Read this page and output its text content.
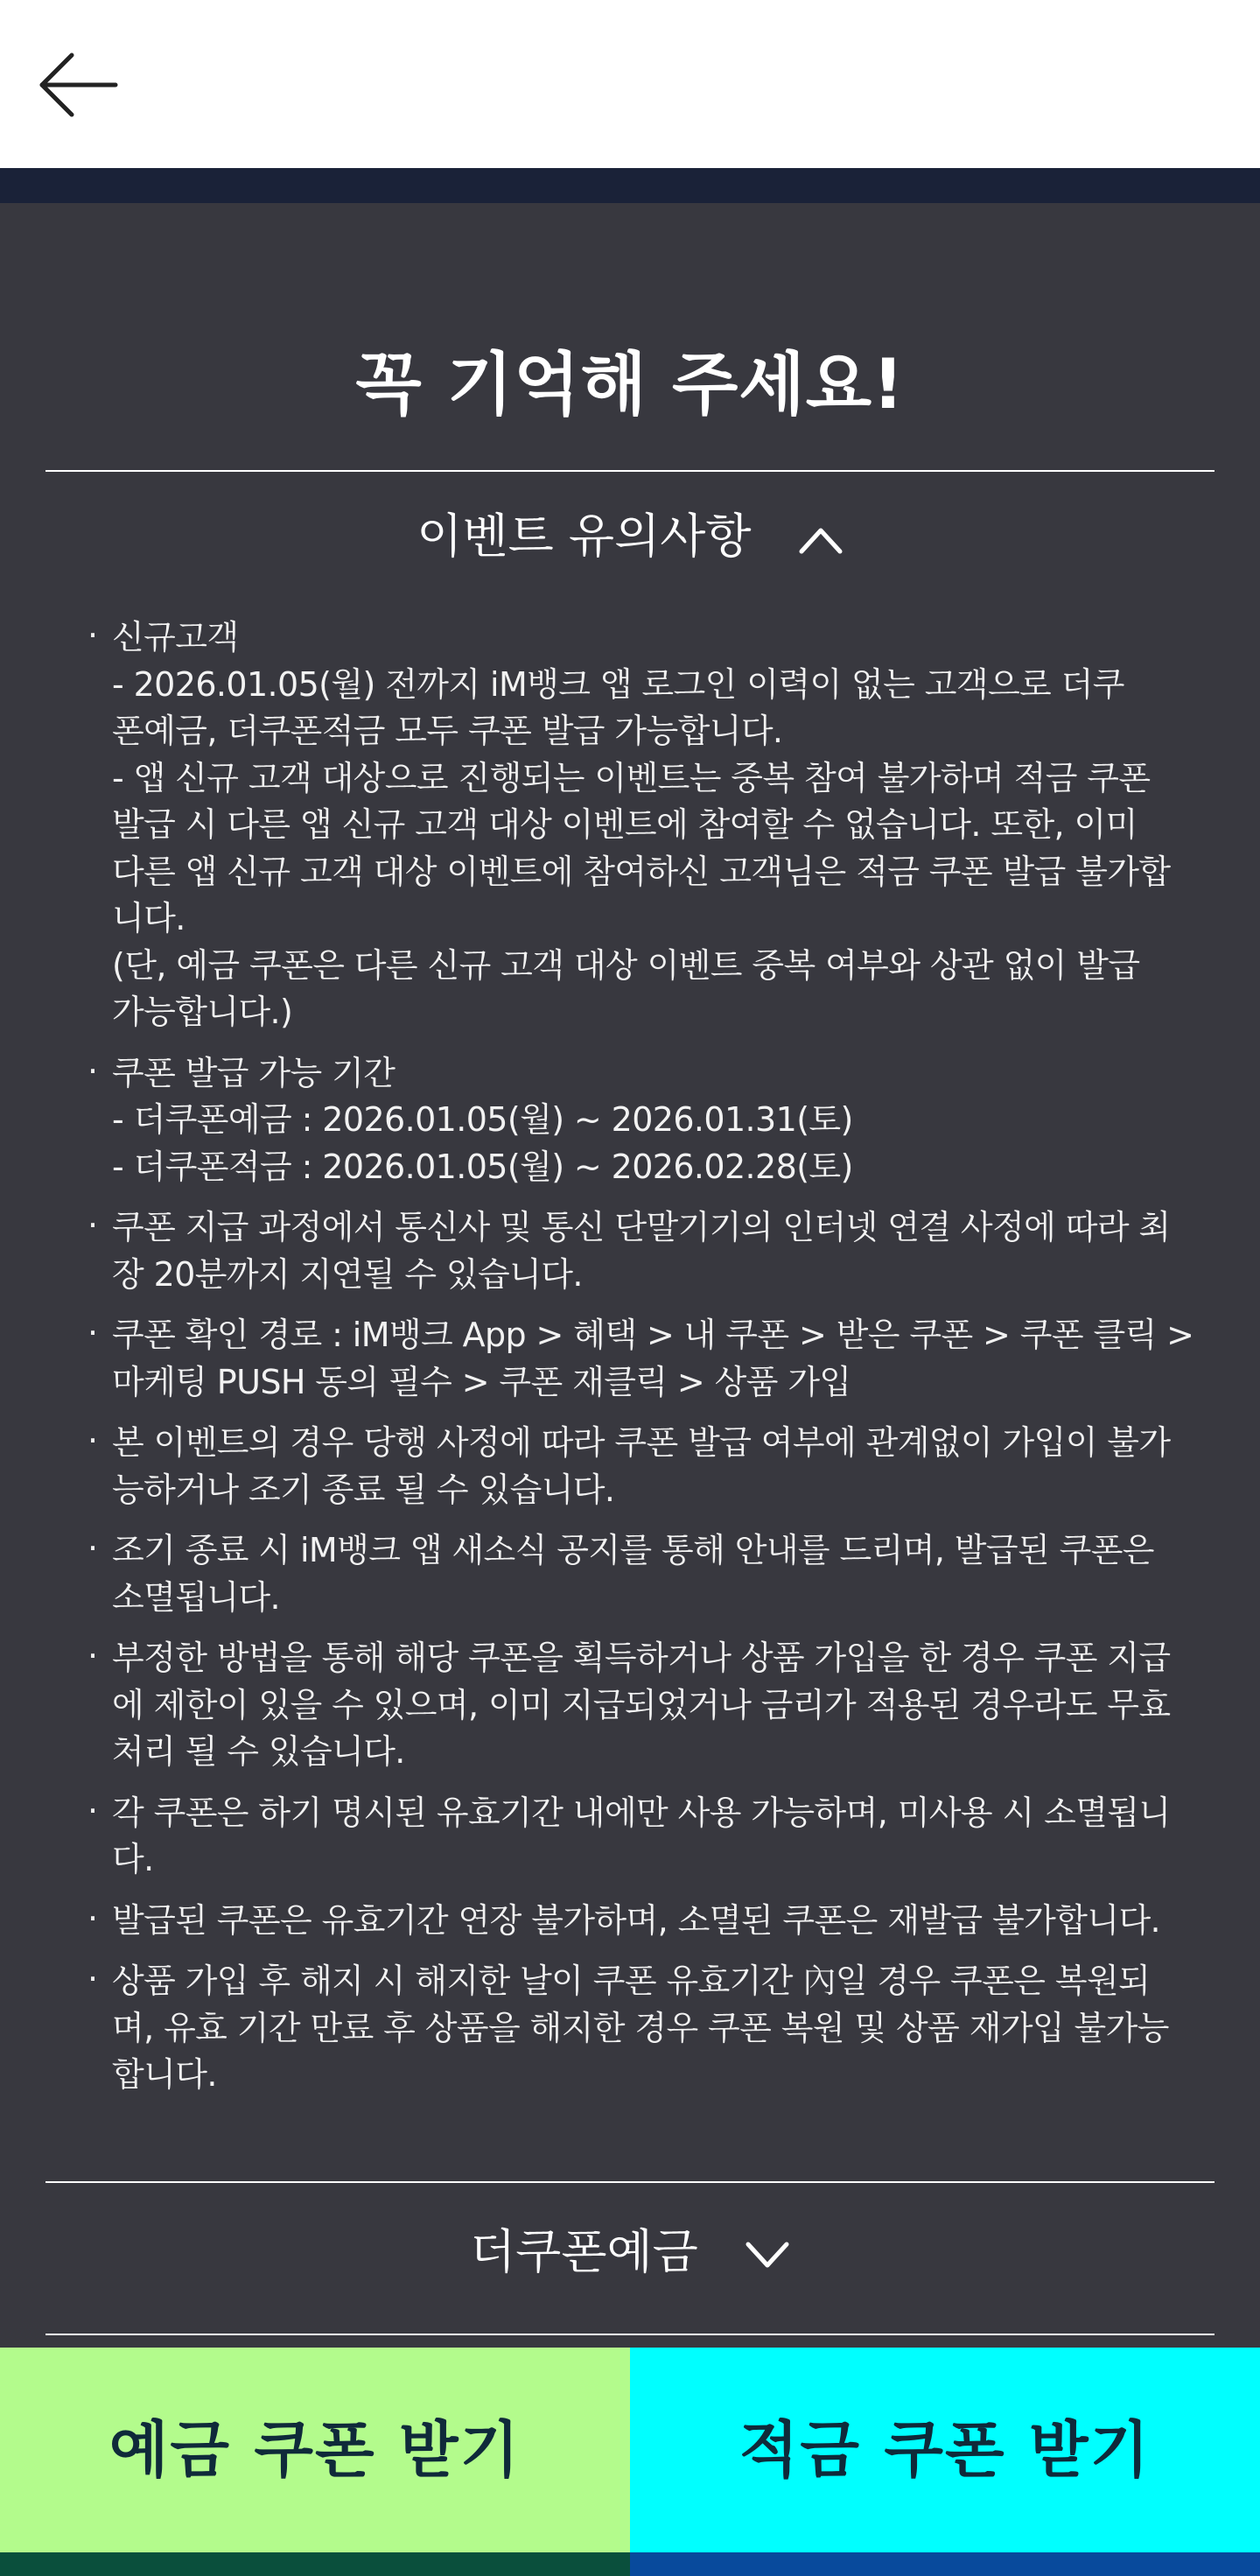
꼭 기억해 주세요!
이벤트 유의사항
· 신규고객
- 2026.01.05(월) 전까지 iM뱅크 앱 로그인 이력이 없는 고객으로 더쿠
폰예금, 더쿠폰적금 모두 쿠폰 발급 가능합니다.
- 앱 신규 고객 대상으로 진행되는 이벤트는 중복 참여 불가하며 적금 쿠폰
발급 시 다른 앱 신규 고객 대상 이벤트에 참여할 수 없습니다. 또한, 이미
다른 앱 신규 고객 대상 이벤트에 참여하신 고객님은 적금 쿠폰 발급 불가합
니다.
(단, 예금 쿠폰은 다른 신규 고객 대상 이벤트 중복 여부와 상관 없이 발급
가능합니다.)
· 쿠폰 발급 가능 기간
- 더쿠폰예금 : 2026.01.05(월) ~ 2026.01.31(토)
- 더쿠폰적금 : 2026.01.05(월) ~ 2026.02.28(토)
· 쿠폰 지급 과정에서 통신사 및 통신 단말기기의 인터넷 연결 사정에 따라 최
장 20분까지 지연될 수 있습니다.
· 쿠폰 확인 경로 : iM뱅크 App > 혜택 > 내 쿠폰 > 받은 쿠폰 > 쿠폰 클릭 >
마케팅 PUSH 동의 필수 > 쿠폰 재클릭 > 상품 가입
· 본 이벤트의 경우 당행 사정에 따라 쿠폰 발급 여부에 관계없이 가입이 불가
능하거나 조기 종료 될 수 있습니다.
· 조기 종료 시 iM뱅크 앱 새소식 공지를 통해 안내를 드리며, 발급된 쿠폰은
소멸됩니다.
· 부정한 방법을 통해 해당 쿠폰을 획득하거나 상품 가입을 한 경우 쿠폰 지급
에 제한이 있을 수 있으며, 이미 지급되었거나 금리가 적용된 경우라도 무효
처리 될 수 있습니다.
· 각 쿠폰은 하기 명시된 유효기간 내에만 사용 가능하며, 미사용 시 소멸됩니
다.
· 발급된 쿠폰은 유효기간 연장 불가하며, 소멸된 쿠폰은 재발급 불가합니다.
· 상품 가입 후 해지 시 해지한 날이 쿠폰 유효기간 內일 경우 쿠폰은 복원되
며, 유효 기간 만료 후 상품을 해지한 경우 쿠폰 복원 및 상품 재가입 불가능
합니다.
더쿠폰예금
예금 쿠폰 받기	적금 쿠폰 받기
